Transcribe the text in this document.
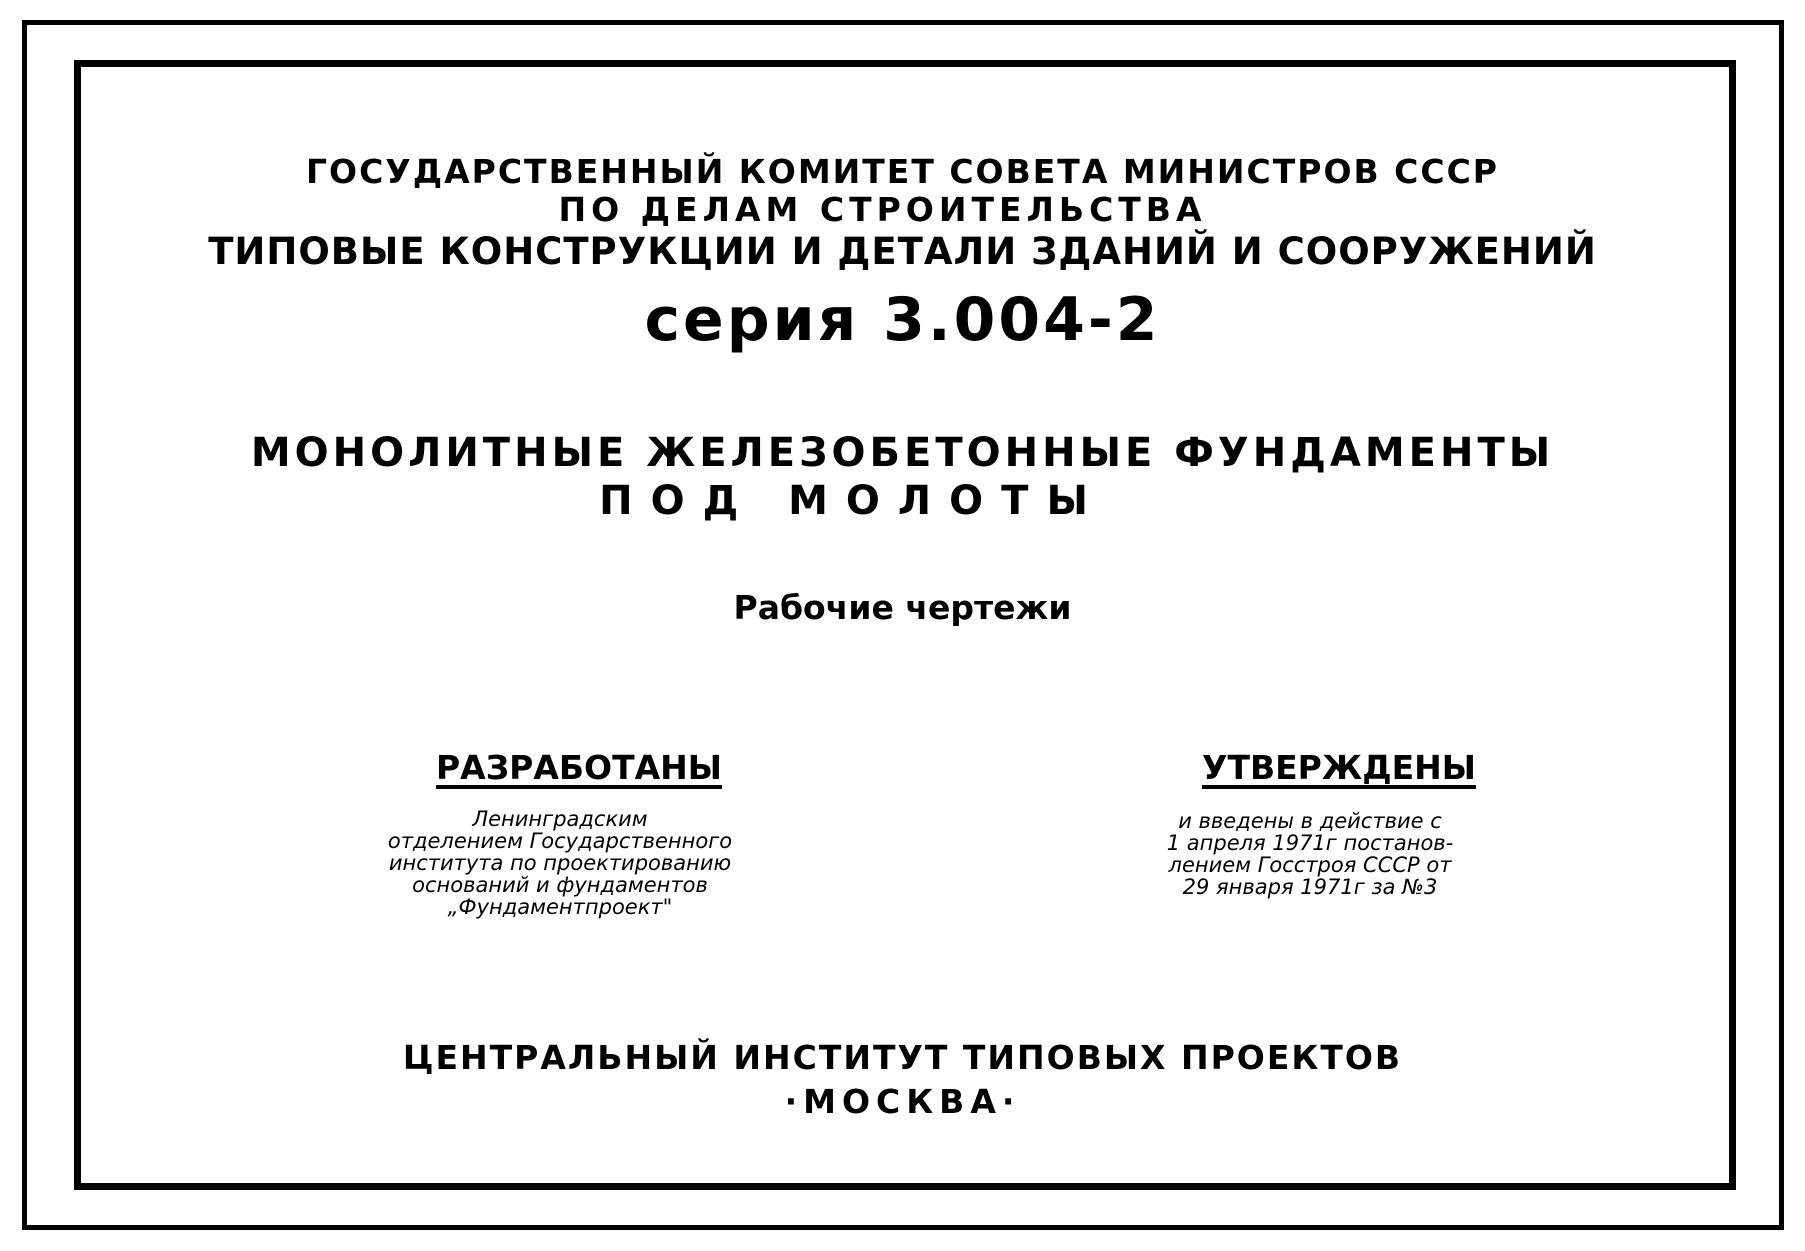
ГОСУДАРСТВЕННЫЙ КОМИТЕТ СОВЕТА МИНИСТРОВ СССР
ПО ДЕЛАМ СТРОИТЕЛЬСТВА
ТИПОВЫЕ КОНСТРУКЦИИ И ДЕТАЛИ ЗДАНИЙ И СООРУЖЕНИЙ
серия 3.004-2
МОНОЛИТНЫЕ ЖЕЛЕЗОБЕТОННЫЕ ФУНДАМЕНТЫ
ПОД МОЛОТЫ
Рабочие чертежи
РАЗРАБОТАНЫ
Ленинградским
отделением Государственного
института по проектированию
оснований и фундаментов
„Фундаментпроект"
УТВЕРЖДЕНЫ
и введены в действие с
1 апреля 1971г постанов-
лением Госстроя СССР от
29 января 1971г за №3
ЦЕНТРАЛЬНЫЙ ИНСТИТУТ ТИПОВЫХ ПРОЕКТОВ
·МОСКВА·
